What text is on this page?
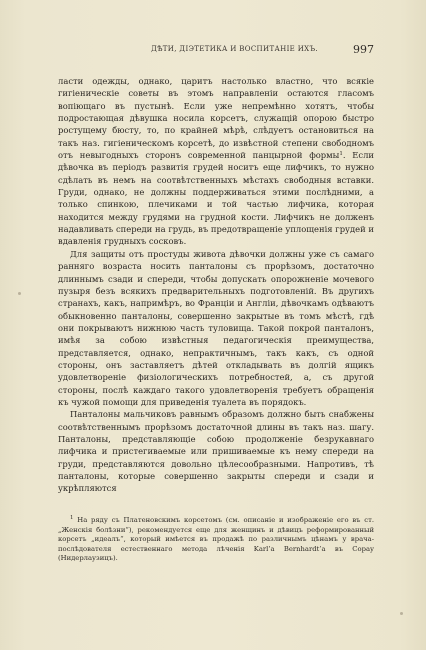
ДѢТИ, ДІЭТЕТИКА И ВОСПИТАНІЕ ИХЪ.	997

ласти одежды, однако, царитъ настолько властно, что всякіе гигіеническіе советы въ этомъ направленіи остаются гласомъ вопіющаго въ пустынѣ. Если уже непремѣнно хотятъ, чтобы подростающая дѣвушка носила корсетъ, служащій опорою быстро ростущему бюсту, то, по крайней мѣрѣ, слѣдуетъ остановиться на такъ наз. гигіеническомъ корсетѣ, до извѣстной степени свободномъ отъ невыгодныхъ сторонъ современной панцырной формы$^1$. Если дѣвочка въ періодъ развитія грудей носитъ еще лифчикъ, то нужно сдѣлать въ немъ на соотвѣтственныхъ мѣстахъ свободныя вставки. Груди, однако, не должны поддерживаться этими послѣдними, а только спинкою, плечиками и той частью лифчика, которая находится между грудями на грудной кости. Лифчикъ не долженъ надавливать спереди на грудь, въ предотвращеніе уплощенія грудей и вдавленія грудныхъ сосковъ.

Для защиты отъ простуды живота дѣвочки должны уже съ самаго ранняго возраста носить панталоны съ прорѣзомъ, достаточно длиннымъ сзади и спереди, чтобы допускать опорожненіе мочевого пузыря безъ всякихъ предварительныхъ подготовленій. Въ другихъ странахъ, какъ, напримѣръ, во Франціи и Англіи, дѣвочкамъ одѣваютъ обыкновенно панталоны, совершенно закрытые въ томъ мѣстѣ, гдѣ они покрываютъ нижнюю часть туловища. Такой покрой панталонъ, имѣя за собою извѣстныя педагогическія преимущества, представляется, однако, непрактичнымъ, такъ какъ, съ одной стороны, онъ заставляетъ дѣтей откладывать въ долгій ящикъ удовлетвореніе физіологическихъ потребностей, а, съ другой стороны, послѣ каждаго такого удовлетворенія требуетъ обращенія къ чужой помощи для приведенія туалета въ порядокъ.

Панталоны мальчиковъ равнымъ образомъ должно быть снабжены соотвѣтственнымъ прорѣзомъ достаточной длины въ такъ наз. шагу. Панталоны, представляющіе собою продолженіе безрукавнаго лифчика и пристегиваемые или пришиваемые къ нему спереди на груди, представляются довольно цѣлесообразными. Напротивъ, тѣ панталоны, которые совершенно закрыты спереди и сзади и укрѣпляются

$^1$ На ряду съ Платеновскимъ корсетомъ (см. описаніе и изображеніе его въ ст. „Женскія болѣзни“), рекомендуется еще для женщинъ и дѣвицъ реформированный корсетъ „идеалъ“, который имѣется въ продажѣ по различнымъ цѣнамъ у врача-послѣдователя естественнаго метода лѣченія Karl’a Bernhardt’a въ Сорау (Нидерлаузицъ).
